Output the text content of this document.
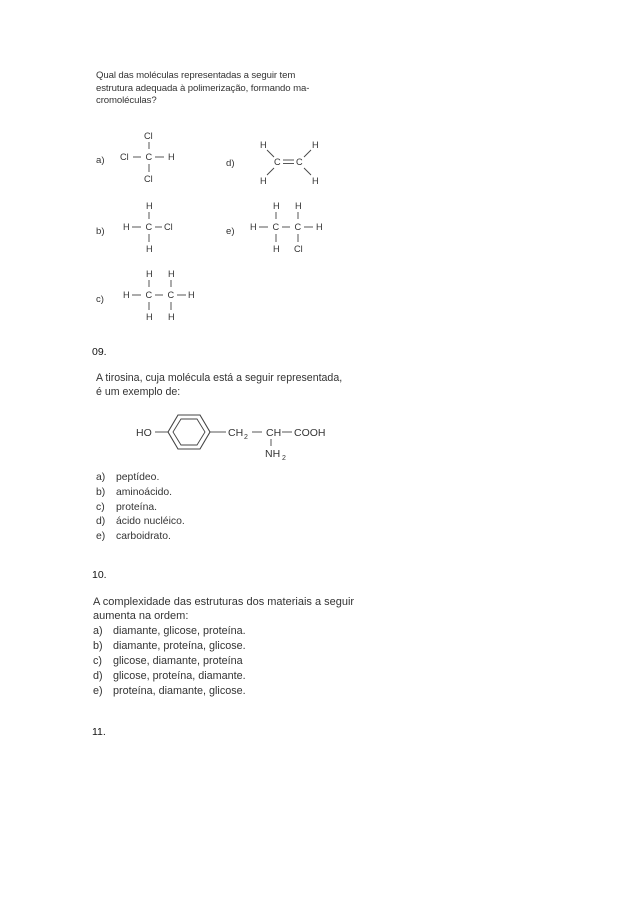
Qual das moléculas representadas a seguir tem
estrutura adequada à polimerização, formando ma-
cromoléculas?
a)
Cl
Cl C H
Cl
d)
H	H
C C
H	H
b)
H
H C Cl
H
e)
H H
H C C H
H Cl
c)
H H
H C C H
H H
09.
A tirosina, cuja molécula está a seguir representada,
é um exemplo de:
HO	CH 2 CH COOH
NH 2
a) peptídeo.
b) aminoácido.
c)	proteína.
d) ácido nucléico.
e) carboidrato.
10.
A complexidade das estruturas dos materiais a seguir
aumenta na ordem:
a) diamante, glicose, proteína.
b) diamante, proteína, glicose.
c) glicose, diamante, proteína
d) glicose, proteína, diamante.
e) proteína, diamante, glicose.
11.
